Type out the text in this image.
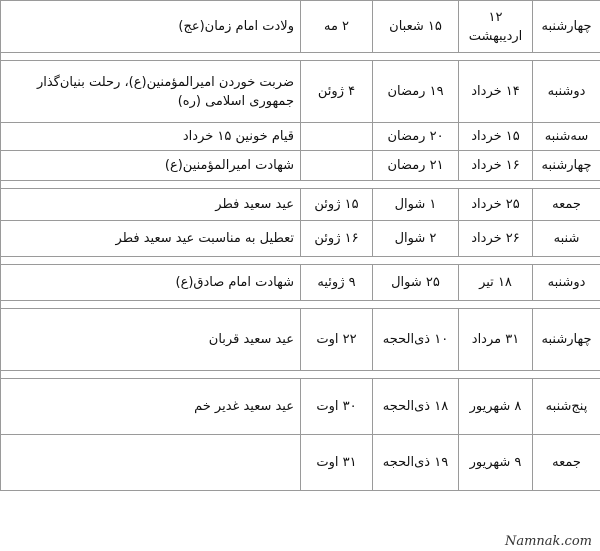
چهارشنبه	۱۲ اردیبهشت	۱۵ شعبان	۲ مه	ولادت امام زمان(عج)

دوشنبه	۱۴ خرداد	۱۹ رمضان	۴ ژوئن	ضربت خوردن امیرالمؤمنین(ع)، رحلت بنیان‌گذار جمهوری اسلامی (ره)
سه‌شنبه	۱۵ خرداد	۲۰ رمضان		قیام خونین ۱۵ خرداد
چهارشنبه	۱۶ خرداد	۲۱ رمضان		شهادت امیرالمؤمنین(ع)

جمعه	۲۵ خرداد	۱ شوال	۱۵ ژوئن	عید سعید فطر
شنبه	۲۶ خرداد	۲ شوال	۱۶ ژوئن	تعطیل به مناسبت عید سعید فطر

دوشنبه	۱۸ تیر	۲۵ شوال	۹ ژوئیه	شهادت امام صادق(ع)

چهارشنبه	۳۱ مرداد	۱۰ ذی‌الحجه	۲۲ اوت	عید سعید قربان

پنج‌شنبه	۸ شهریور	۱۸ ذی‌الحجه	۳۰ اوت	عید سعید غدیر خم
جمعه	۹ شهریور	۱۹ ذی‌الحجه	۳۱ اوت	
Namnak.com
